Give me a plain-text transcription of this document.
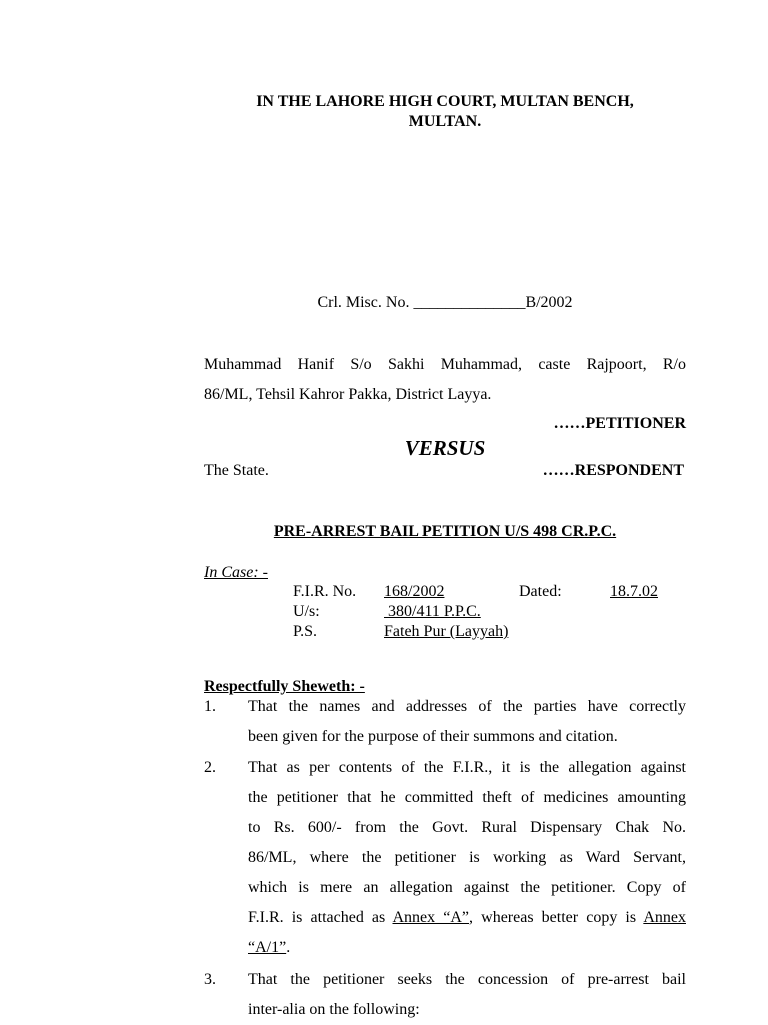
IN THE LAHORE HIGH COURT, MULTAN BENCH,
MULTAN.
Crl. Misc. No. ______________B/2002
Muhammad Hanif S/o Sakhi Muhammad, caste Rajpoort, R/o
86/ML, Tehsil Kahror Pakka, District Layya.
……PETITIONER
VERSUS
The State.	……RESPONDENT
PRE-ARREST BAIL PETITION U/S 498 CR.P.C.
In Case: -
F.I.R. No. 168/2002	Dated:	18.7.02
U/s:	380/411 P.P.C.
P.S.	Fateh Pur (Layyah)
Respectfully Sheweth: -
1.	That the names and addresses of the parties have correctly
been given for the purpose of their summons and citation.
2.	That as per contents of the F.I.R., it is the allegation against
the petitioner that he committed theft of medicines amounting
to Rs. 600/- from the Govt. Rural Dispensary Chak No.
86/ML, where the petitioner is working as Ward Servant,
which is mere an allegation against the petitioner. Copy of
F.I.R. is attached as Annex “A”, whereas better copy is Annex
“A/1”.
3.	That the petitioner seeks the concession of pre-arrest bail
inter-alia on the following:
